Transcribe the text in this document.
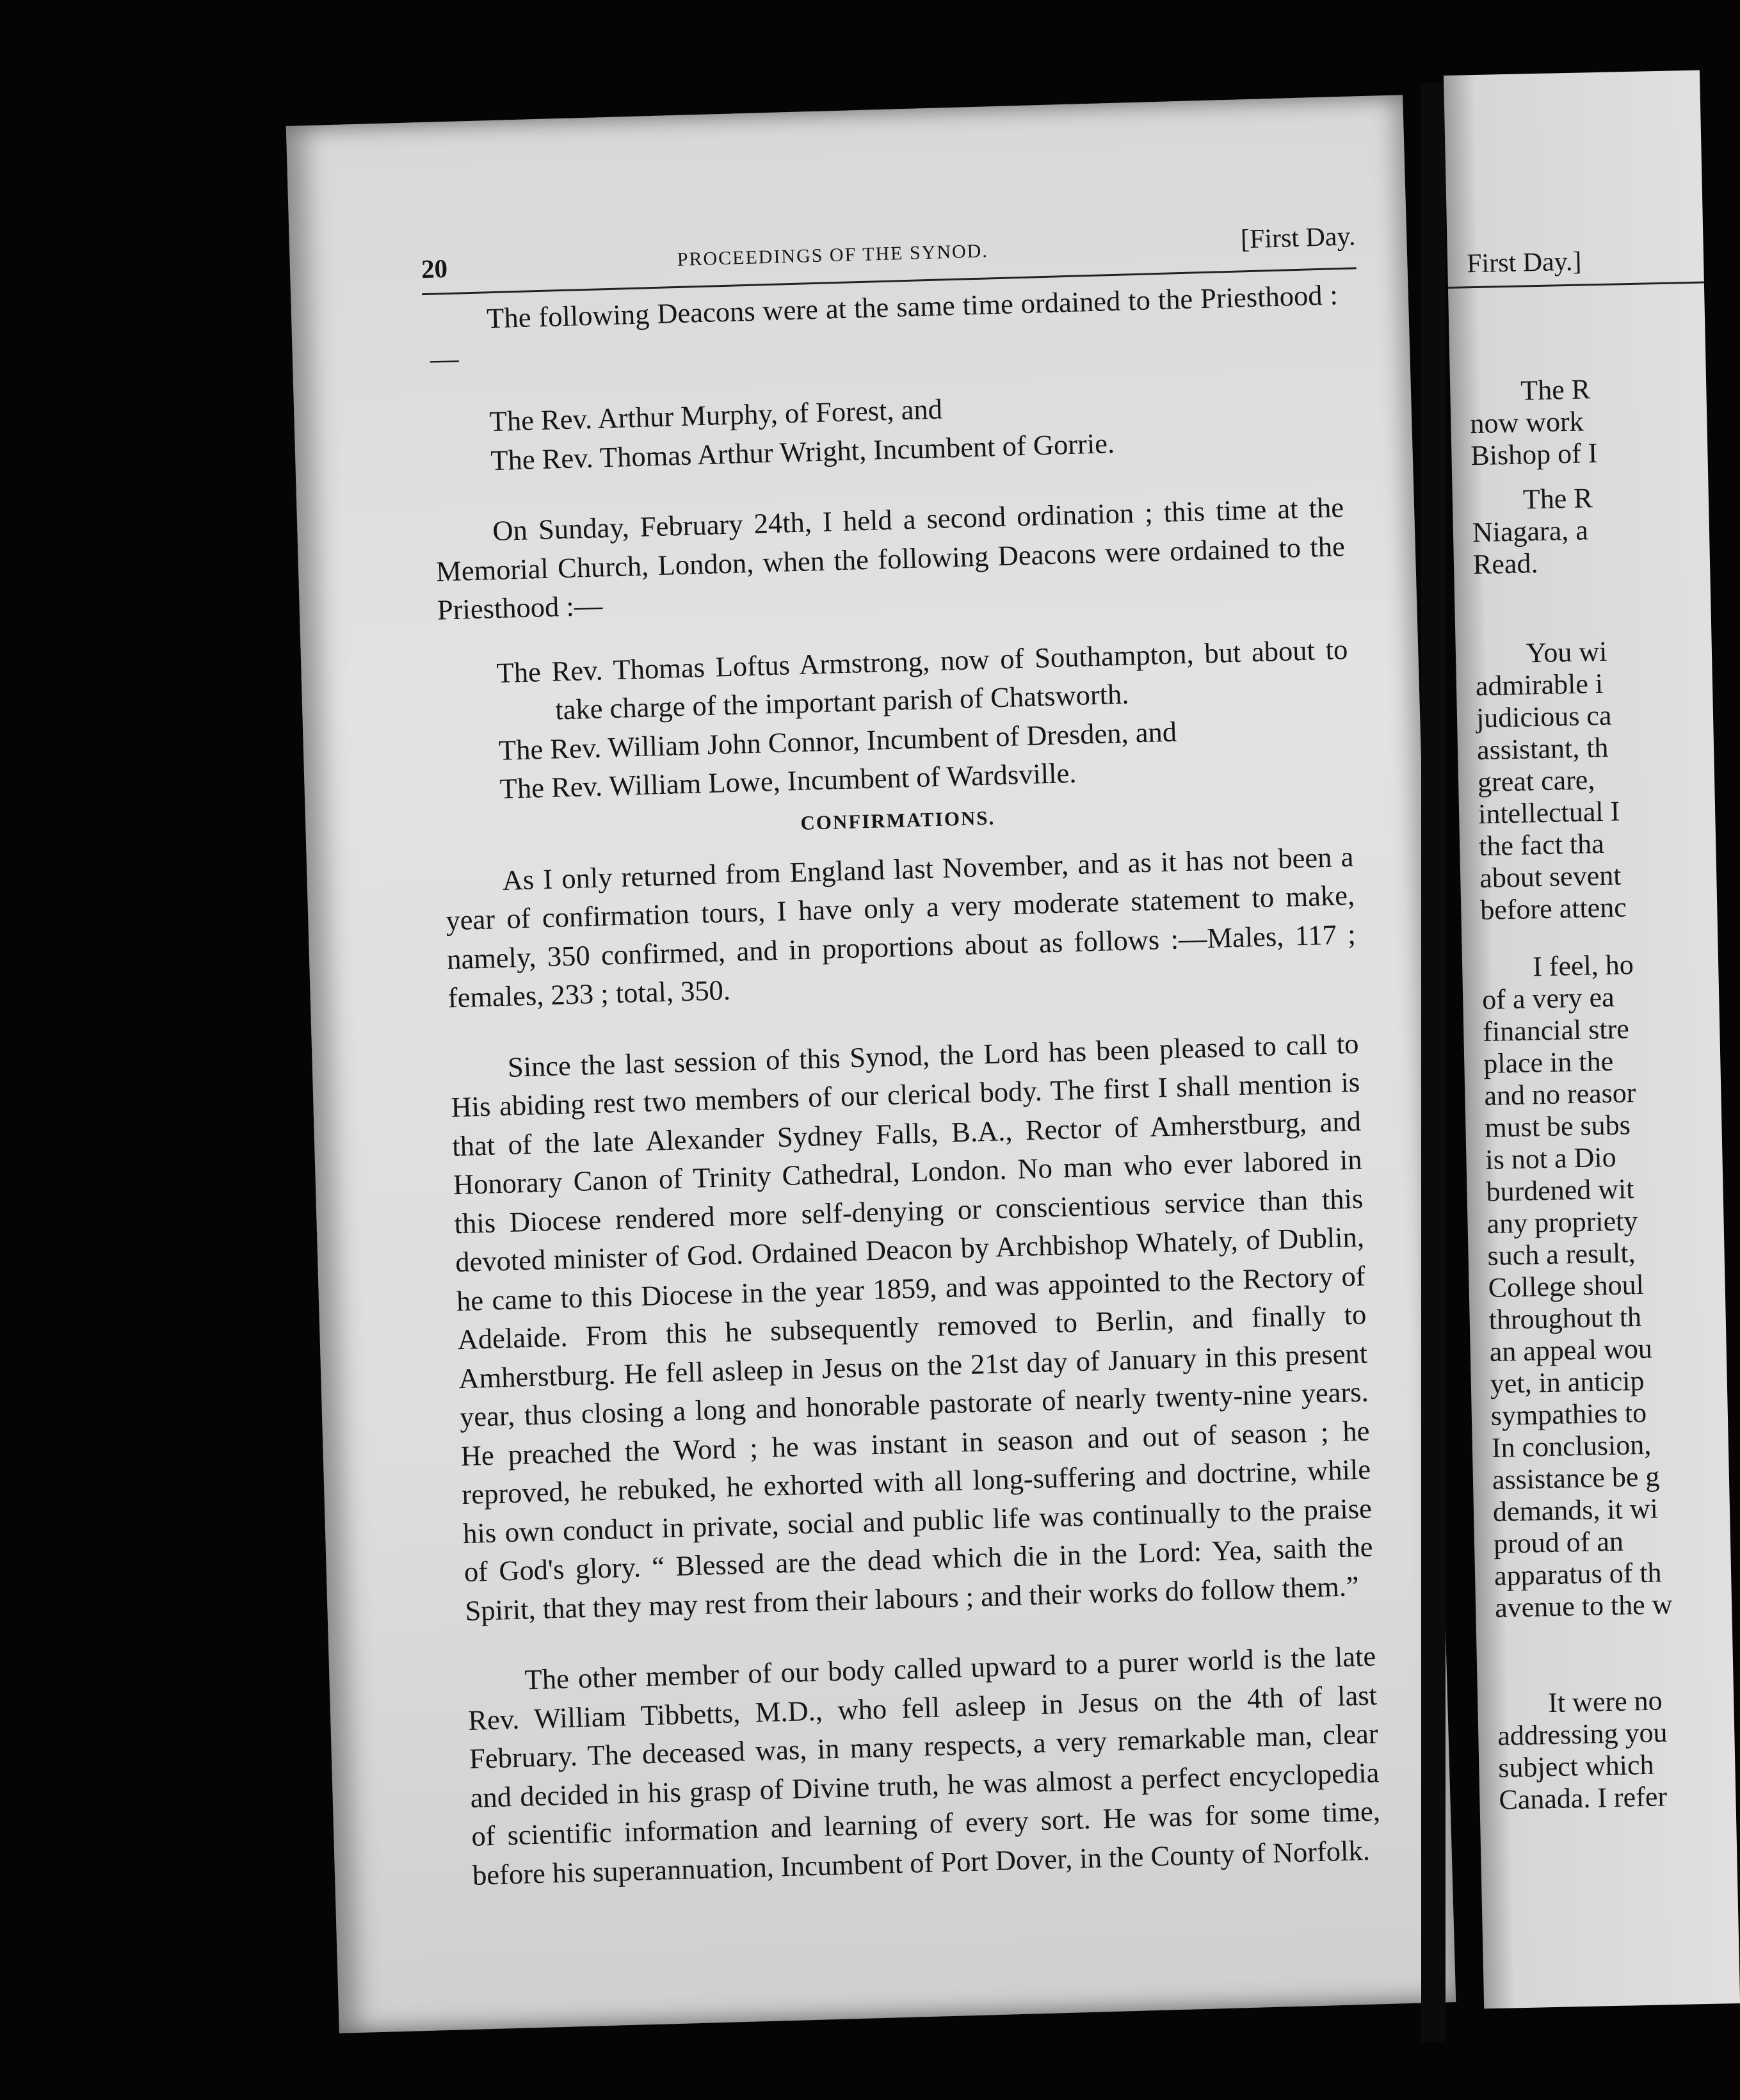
20	PROCEEDINGS OF THE SYNOD.
[First Day.

The following Deacons were at the same time ordained to the Priesthood :—

The Rev. Arthur Murphy, of Forest, and
The Rev. Thomas Arthur Wright, Incumbent of Gorrie.

On Sunday, February 24th, I held a second ordination ; this time at the Memorial Church, London, when the following Deacons were ordained to the Priesthood :—

The Rev. Thomas Loftus Armstrong, now of Southampton, but about to take charge of the important parish of Chatsworth.
The Rev. William John Connor, Incumbent of Dresden, and
The Rev. William Lowe, Incumbent of Wardsville.
CONFIRMATIONS.

As I only returned from England last November, and as it has not been a year of confirmation tours, I have only a very moderate statement to make, namely, 350 confirmed, and in proportions about as follows :—Males, 117 ; females, 233 ; total, 350.

Since the last session of this Synod, the Lord has been pleased to call to His abiding rest two members of our clerical body. The first I shall mention is that of the late Alexander Sydney Falls, B.A., Rector of Amherstburg, and Honorary Canon of Trinity Cathedral, London. No man who ever labored in this Diocese rendered more self-denying or conscientious service than this devoted minister of God. Ordained Deacon by Archbishop Whately, of Dublin, he came to this Diocese in the year 1859, and was appointed to the Rectory of Adelaide. From this he subsequently removed to Berlin, and finally to Amherstburg. He fell asleep in Jesus on the 21st day of January in this present year, thus closing a long and honorable pastorate of nearly twenty-nine years. He preached the Word ; he was instant in season and out of season ; he reproved, he rebuked, he exhorted with all long-suffering and doctrine, while his own conduct in private, social and public life was continually to the praise of God's glory. “ Blessed are the dead which die in the Lord: Yea, saith the Spirit, that they may rest from their labours ; and their works do follow them.”

The other member of our body called upward to a purer world is the late Rev. William Tibbetts, M.D., who fell asleep in Jesus on the 4th of last February. The deceased was, in many respects, a very remarkable man, clear and decided in his grasp of Divine truth, he was almost a perfect encyclopedia of scientific information and learning of every sort. He was for some time, before his superannuation, Incumbent of Port Dover, in the County of Norfolk.

First Day.]
The R
now work
Bishop of I
The R
Niagara, a
Read.
You wi
admirable i
judicious ca
assistant, th
great care,
intellectual I
the fact tha
about sevent
before attenc
I feel, ho
of a very ea
financial stre
place in the
and no reasor
must be subs
is not a Dio
burdened wit
any propriety
such a result,
College shoul
throughout th
an appeal wou
yet, in anticip
sympathies to
In conclusion,
assistance be g
demands, it wi
proud of an
apparatus of th
avenue to the w
It were no
addressing you
subject which
Canada. I refer
